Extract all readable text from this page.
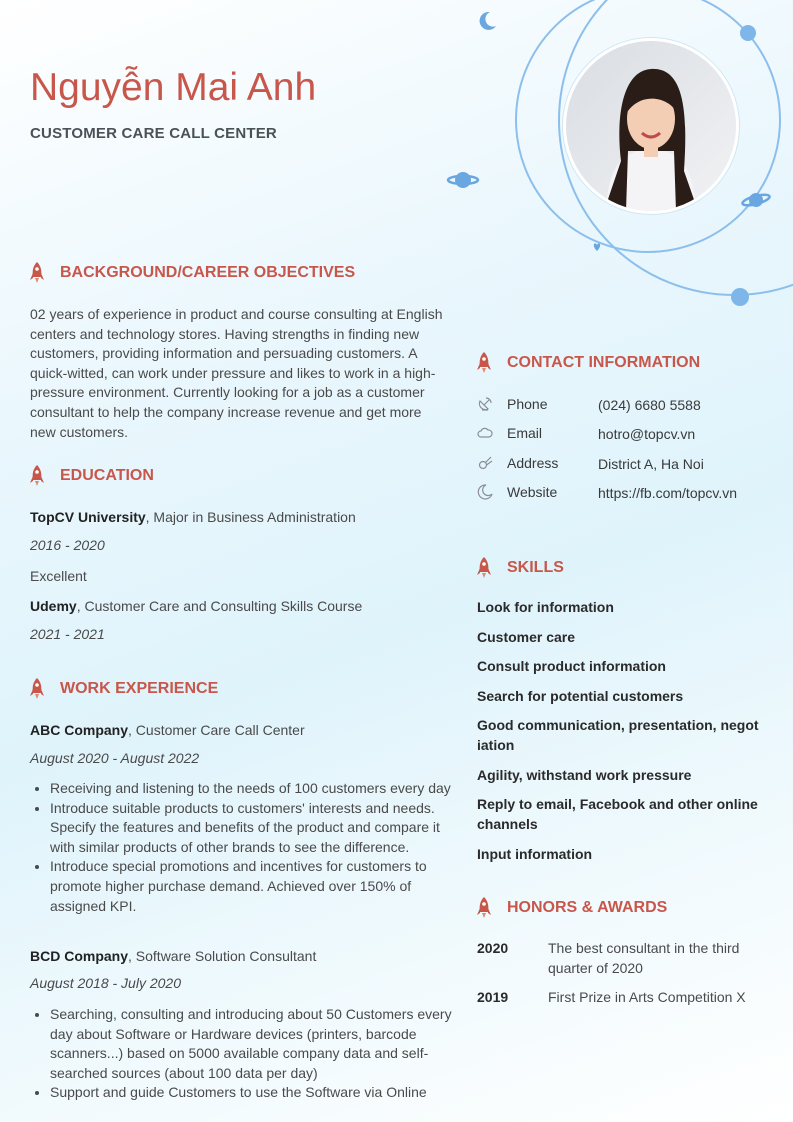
Nguyễn Mai Anh
CUSTOMER CARE CALL CENTER
BACKGROUND/CAREER OBJECTIVES
02 years of experience in product and course consulting at English centers and technology stores. Having strengths in finding new customers, providing information and persuading customers. A quick-witted, can work under pressure and likes to work in a high-pressure environment. Currently looking for a job as a customer consultant to help the company increase revenue and get more new customers.
EDUCATION
TopCV University, Major in Business Administration
2016 - 2020
Excellent
Udemy, Customer Care and Consulting Skills Course
2021 - 2021
WORK EXPERIENCE
ABC Company, Customer Care Call Center
August 2020 - August 2022
• Receiving and listening to the needs of 100 customers every day
• Introduce suitable products to customers' interests and needs. Specify the features and benefits of the product and compare it with similar products of other brands to see the difference.
• Introduce special promotions and incentives for customers to promote higher purchase demand. Achieved over 150% of assigned KPI.
BCD Company, Software Solution Consultant
August 2018 - July 2020
• Searching, consulting and introducing about 50 Customers every day about Software or Hardware devices (printers, barcode scanners...) based on 5000 available company data and self-searched sources (about 100 data per day)
• Support and guide Customers to use the Software via Online
CONTACT INFORMATION
Phone	(024) 6680 5588
Email	hotro@topcv.vn
Address	District A, Ha Noi
Website	https://fb.com/topcv.vn
SKILLS
Look for information
Customer care
Consult product information
Search for potential customers
Good communication, presentation, negotiation
Agility, withstand work pressure
Reply to email, Facebook and other online channels
Input information
HONORS & AWARDS
2020	The best consultant in the third quarter of 2020
2019	First Prize in Arts Competition X
